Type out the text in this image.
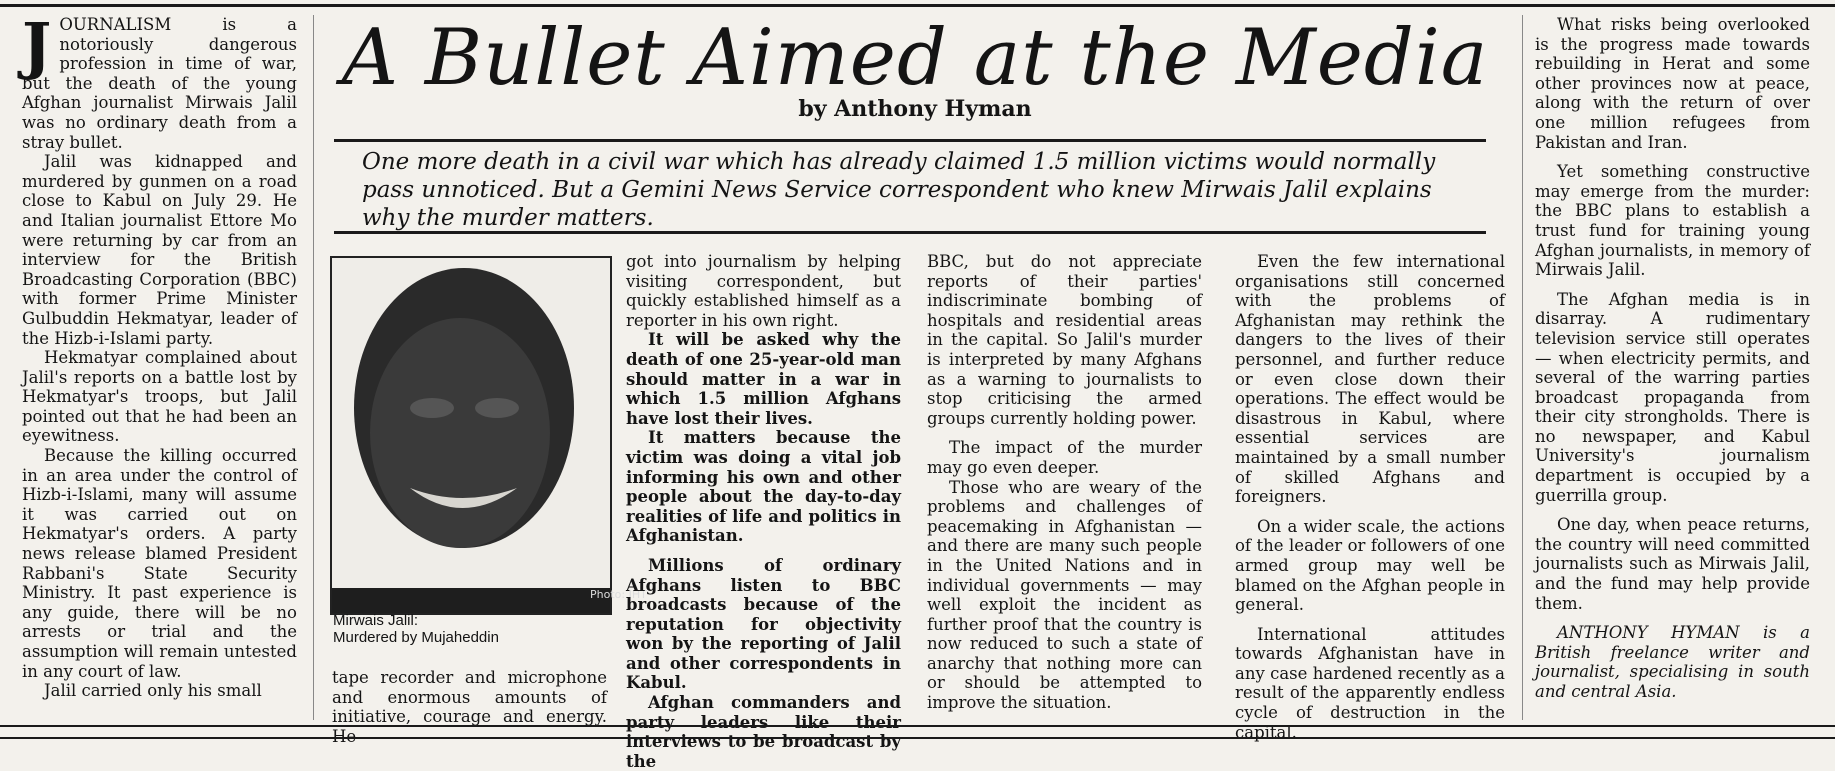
JOURNALISM is a notoriously dangerous profession in time of war, but the death of the young Afghan journalist Mirwais Jalil was no ordinary death from a stray bullet.

Jalil was kidnapped and murdered by gunmen on a road close to Kabul on July 29. He and Italian journalist Ettore Mo were returning by car from an interview for the British Broadcasting Corporation (BBC) with former Prime Minister Gulbuddin Hekmatyar, leader of the Hizb-i-Islami party.

Hekmatyar complained about Jalil's reports on a battle lost by Hekmatyar's troops, but Jalil pointed out that he had been an eyewitness.

Because the killing occurred in an area under the control of Hizb-i-Islami, many will assume it was carried out on Hekmatyar's orders. A party news release blamed President Rabbani's State Security Ministry. It past experience is any guide, there will be no arrests or trial and the assumption will remain untested in any court of law.

Jalil carried only his small

A Bullet Aimed at the Media
by Anthony Hyman
One more death in a civil war which has already claimed 1.5 million victims would normally pass unnoticed. But a Gemini News Service correspondent who knew Mirwais Jalil explains why the murder matters.
Photo: IHT
Mirwais Jalil:
Murdered by Mujaheddin

tape recorder and microphone and enormous amounts of initiative, courage and energy. He

got into journalism by helping visiting correspondent, but quickly established himself as a reporter in his own right.

It will be asked why the death of one 25-year-old man should matter in a war in which 1.5 million Afghans have lost their lives.

It matters because the victim was doing a vital job informing his own and other people about the day-to-day realities of life and politics in Afghanistan.

Millions of ordinary Afghans listen to BBC broadcasts because of the reputation for objectivity won by the reporting of Jalil and other correspondents in Kabul.

Afghan commanders and party leaders like their interviews to be broadcast by the

BBC, but do not appreciate reports of their parties' indiscriminate bombing of hospitals and residential areas in the capital. So Jalil's murder is interpreted by many Afghans as a warning to journalists to stop criticising the armed groups currently holding power.

The impact of the murder may go even deeper.

Those who are weary of the problems and challenges of peacemaking in Afghanistan — and there are many such people in the United Nations and in individual governments — may well exploit the incident as further proof that the country is now reduced to such a state of anarchy that nothing more can or should be attempted to improve the situation.

Even the few international organisations still concerned with the problems of Afghanistan may rethink the dangers to the lives of their personnel, and further reduce or even close down their operations. The effect would be disastrous in Kabul, where essential services are maintained by a small number of skilled Afghans and foreigners.

On a wider scale, the actions of the leader or followers of one armed group may well be blamed on the Afghan people in general.

International attitudes towards Afghanistan have in any case hardened recently as a result of the apparently endless cycle of destruction in the capital.

What risks being overlooked is the progress made towards rebuilding in Herat and some other provinces now at peace, along with the return of over one million refugees from Pakistan and Iran.

Yet something constructive may emerge from the murder: the BBC plans to establish a trust fund for training young Afghan journalists, in memory of Mirwais Jalil.

The Afghan media is in disarray. A rudimentary television service still operates — when electricity permits, and several of the warring parties broadcast propaganda from their city strongholds. There is no newspaper, and Kabul University's journalism department is occupied by a guerrilla group.

One day, when peace returns, the country will need committed journalists such as Mirwais Jalil, and the fund may help provide them.

ANTHONY HYMAN is a British freelance writer and journalist, specialising in south and central Asia.
